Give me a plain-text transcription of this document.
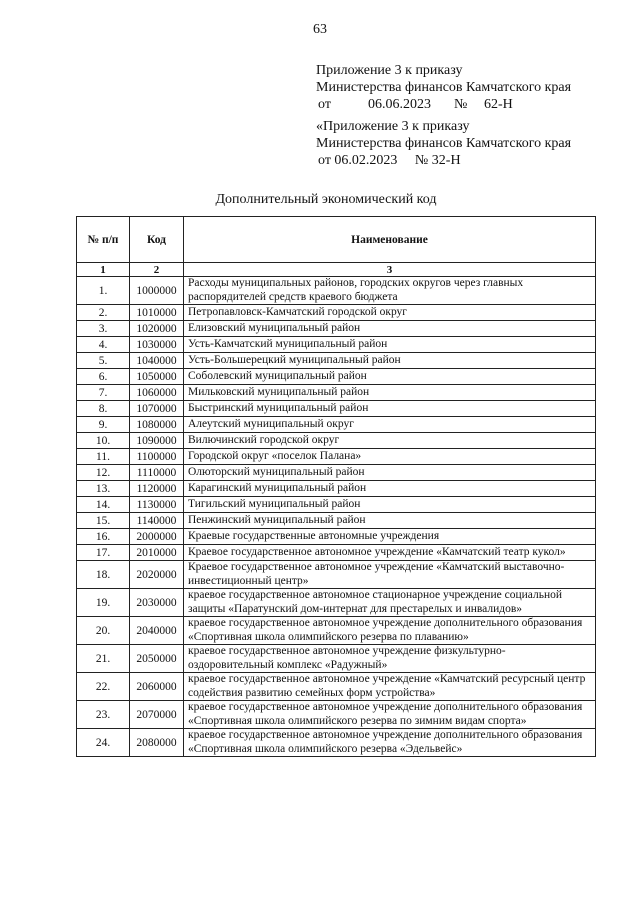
63
Приложение 3 к приказу
Министерства финансов Камчатского края
от	06.06.2023 № 62-Н
«Приложение 3 к приказу
Министерства финансов Камчатского края
от 06.02.2023     № 32-Н
Дополнительный экономический код
№ п/п	Код	Наименование
1	2	3
1.	1000000	Расходы муниципальных районов, городских округов через главных распорядителей средств краевого бюджета
2.	1010000	Петропавловск-Камчатский городской округ
3.	1020000	Елизовский муниципальный район
4.	1030000	Усть-Камчатский муниципальный район
5.	1040000	Усть-Большерецкий муниципальный район
6.	1050000	Соболевский муниципальный район
7.	1060000	Мильковский муниципальный район
8.	1070000	Быстринский муниципальный район
9.	1080000	Алеутский муниципальный округ
10.	1090000	Вилючинский городской округ
11.	1100000	Городской округ «поселок Палана»
12.	1110000	Олюторский муниципальный район
13.	1120000	Карагинский муниципальный район
14.	1130000	Тигильский муниципальный район
15.	1140000	Пенжинский муниципальный район
16.	2000000	Краевые государственные автономные учреждения
17.	2010000	Краевое государственное автономное учреждение «Камчатский театр кукол»
18.	2020000	Краевое государственное автономное учреждение «Камчатский выставочно-инвестиционный центр»
19.	2030000	краевое государственное автономное стационарное учреждение социальной защиты «Паратунский дом-интернат для престарелых и инвалидов»
20.	2040000	краевое государственное автономное учреждение дополнительного образования «Спортивная школа олимпийского резерва по плаванию»
21.	2050000	краевое государственное автономное учреждение физкультурно-оздоровительный комплекс «Радужный»
22.	2060000	краевое государственное автономное учреждение «Камчатский ресурсный центр содействия развитию семейных форм устройства»
23.	2070000	краевое государственное автономное учреждение дополнительного образования «Спортивная школа олимпийского резерва по зимним видам спорта»
24.	2080000	краевое государственное автономное учреждение дополнительного образования «Спортивная школа олимпийского резерва «Эдельвейс»
